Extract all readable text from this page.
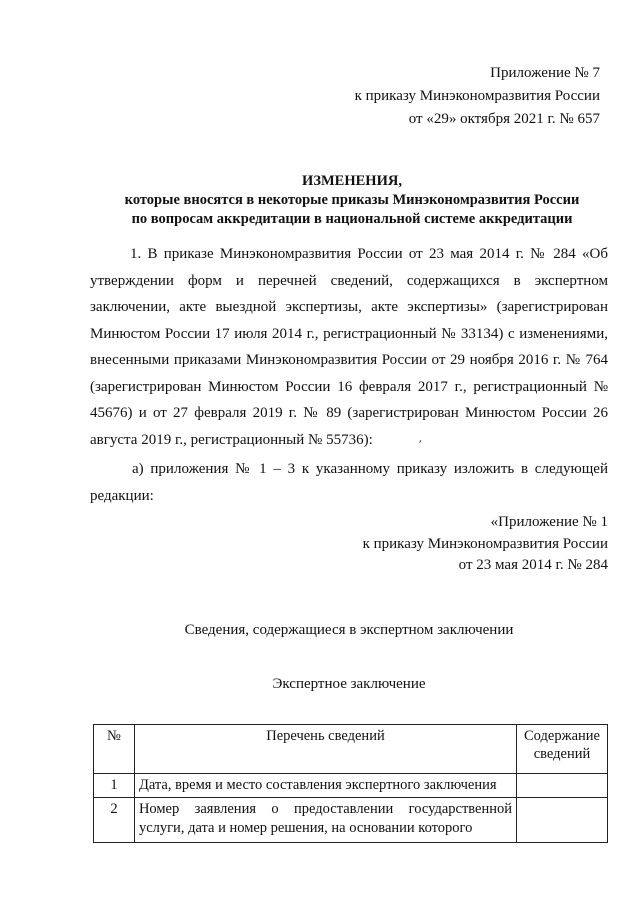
Приложение № 7
к приказу Минэкономразвития России
от «29» октября 2021 г. № 657
ИЗМЕНЕНИЯ,
которые вносятся в некоторые приказы Минэкономразвития России
по вопросам аккредитации в национальной системе аккредитации
1. В приказе Минэкономразвития России от 23 мая 2014 г. № 284 «Об утверждении форм и перечней сведений, содержащихся в экспертном заключении, акте выездной экспертизы, акте экспертизы» (зарегистрирован Минюстом России 17 июля 2014 г., регистрационный № 33134) с изменениями, внесенными приказами Минэкономразвития России от 29 ноября 2016 г. № 764 (зарегистрирован Минюстом России 16 февраля 2017 г., регистрационный № 45676) и от 27 февраля 2019 г. № 89 (зарегистрирован Минюстом России 26 августа 2019 г., регистрационный № 55736):	ʹ
а) приложения № 1 – 3 к указанному приказу изложить в следующей редакции:
«Приложение № 1
к приказу Минэкономразвития России
от 23 мая 2014 г. № 284
Сведения, содержащиеся в экспертном заключении
Экспертное заключение
№	Перечень сведений	Содержание сведений
1	Дата, время и место составления экспертного заключения	
2	Номер заявления о предоставлении государственной услуги, дата и номер решения, на основании которого	
